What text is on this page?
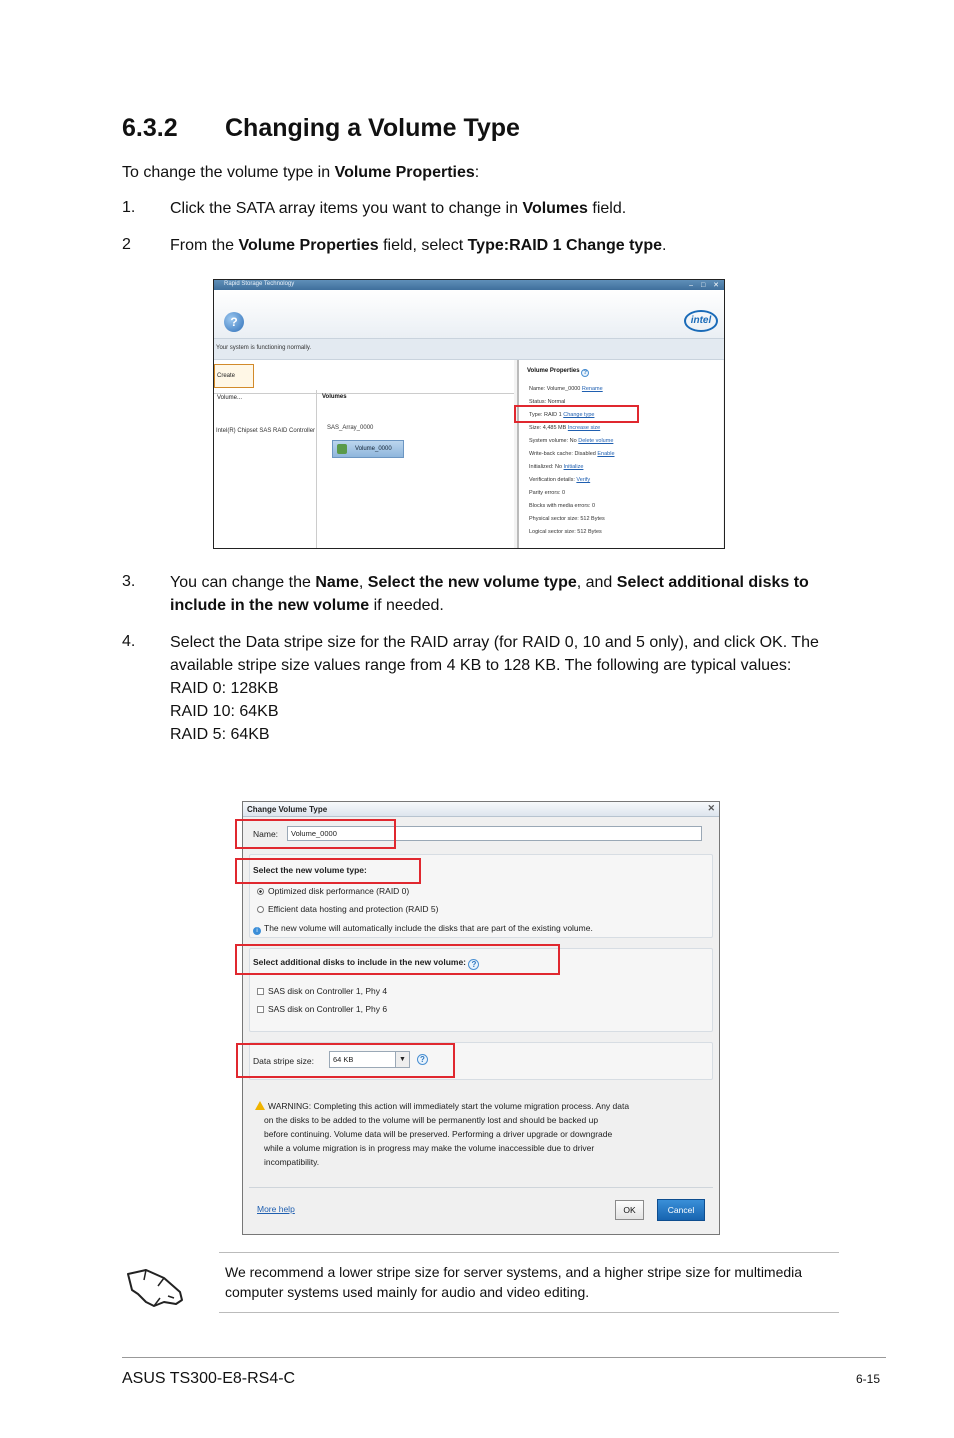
6.3.2 Changing a Volume Type
To change the volume type in Volume Properties:
1. Click the SATA array items you want to change in Volumes field.
2 From the Volume Properties field, select Type:RAID 1 Change type.
Rapid Storage Technology	– □ ✕
?	intel
Your system is functioning normally.
Create Volume...
Intel(R) Chipset SAS RAID Controller
Volumes
SAS_Array_0000
Volume_0000
Volume Properties ?
Name: Volume_0000 Rename
Status: Normal
Type: RAID 1 Change type
Size: 4,485 MB Increase size
System volume: No Delete volume
Write-back cache: Disabled Enable
Initialized: No Initialize
Verification details: Verify
Parity errors: 0
Blocks with media errors: 0
Physical sector size: 512 Bytes
Logical sector size: 512 Bytes
3. You can change the Name, Select the new volume type, and Select additional disks to include in the new volume if needed.
4. Select the Data stripe size for the RAID array (for RAID 0, 10 and 5 only), and click OK. The available stripe size values range from 4 KB to 128 KB. The following are typical values:
RAID 0: 128KB
RAID 10: 64KB
RAID 5: 64KB
Change Volume Type	✕
Name:	Volume_0000
Select the new volume type:
Optimized disk performance (RAID 0)
Efficient data hosting and protection (RAID 5)
i The new volume will automatically include the disks that are part of the existing volume.
Select additional disks to include in the new volume: ?
SAS disk on Controller 1, Phy 4
SAS disk on Controller 1, Phy 6
Data stripe size:	64 KB	▼	?
WARNING: Completing this action will immediately start the volume migration process. Any data
on the disks to be added to the volume will be permanently lost and should be backed up
before continuing. Volume data will be preserved. Performing a driver upgrade or downgrade
while a volume migration is in progress may make the volume inaccessible due to driver
incompatibility.
More help	OK	Cancel
We recommend a lower stripe size for server systems, and a higher stripe size for multimedia computer systems used mainly for audio and video editing.
ASUS TS300-E8-RS4-C	6-15
